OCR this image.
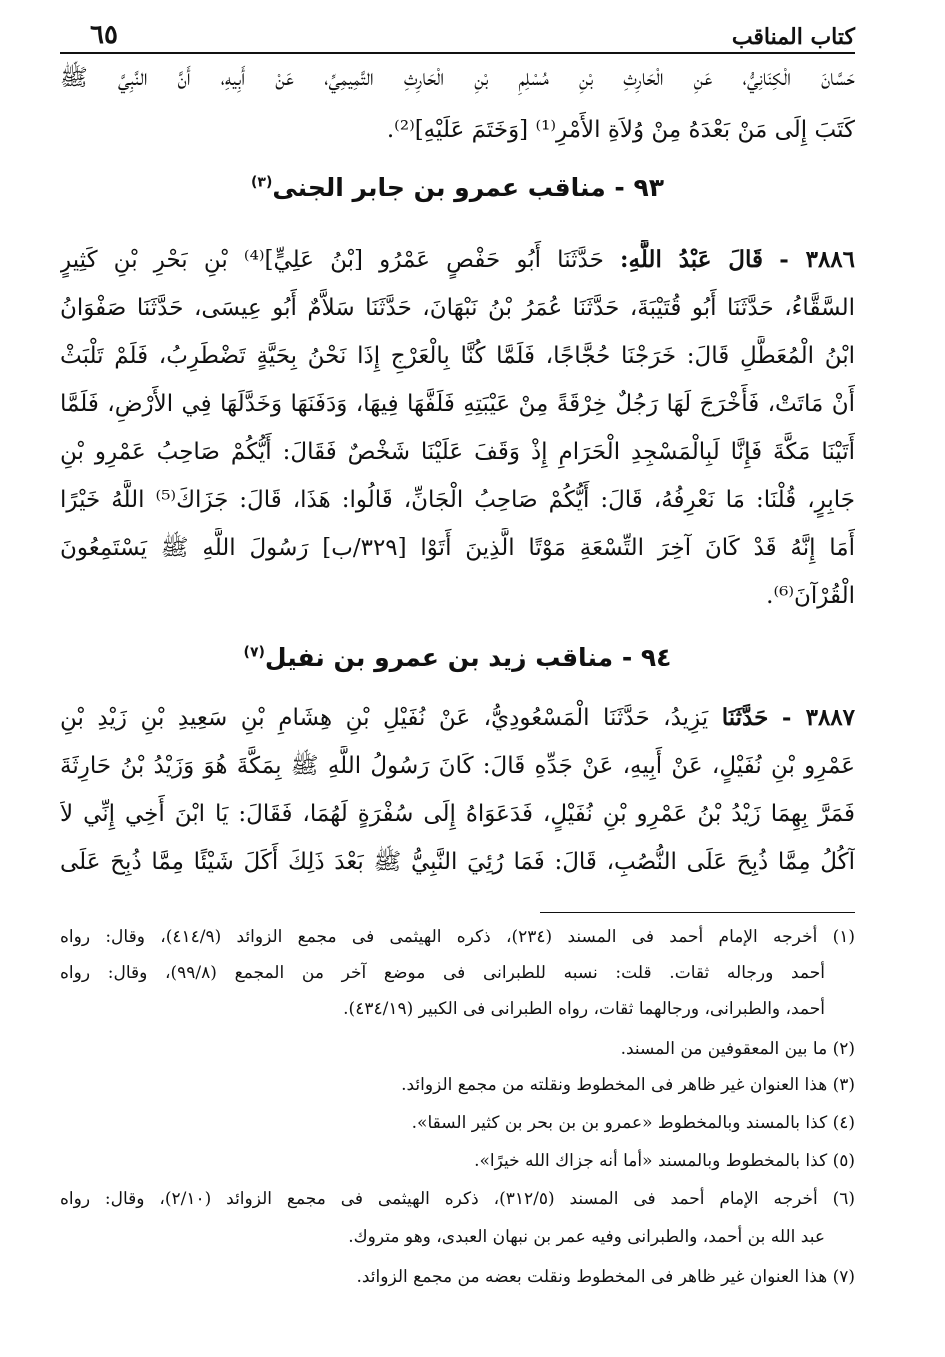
كتاب المناقب
٦٥

حَسَّانَ الْكِنَانِيُّ، عَنِ الْحَارِثِ بْنِ مُسْلِمِ بْنِ الْحَارِثِ التَّمِيمِيِّ، عَنْ أَبِيهِ، أَنَّ النَّبِيَّ ﷺ

كَتَبَ إِلَى مَنْ بَعْدَهُ مِنْ وُلاَةِ الأَمْرِ⁽¹⁾ [وَخَتَمَ عَلَيْهِ]⁽²⁾.

٩٣ - مناقب عمرو بن جابر الجنى$^{(٣)}$

٣٨٨٦ - قَالَ عَبْدُ اللَّهِ: حَدَّثَنَا أَبُو حَفْصٍ عَمْرُو [بْنُ عَلِيٍّ]⁽⁴⁾ بْنِ بَحْرِ بْنِ كَثِيرٍ

السَّقَّاءُ، حَدَّثَنَا أَبُو قُتَيْبَةَ، حَدَّثَنَا عُمَرُ بْنُ نَبْهَانَ، حَدَّثَنَا سَلاَّمٌ أَبُو عِيسَى، حَدَّثَنَا صَفْوَانُ

ابْنُ الْمُعَطَّلِ قَالَ: خَرَجْنَا حُجَّاجًا، فَلَمَّا كُنَّا بِالْعَرْجِ إِذَا نَحْنُ بِحَيَّةٍ تَضْطَرِبُ، فَلَمْ تَلْبَثْ

أَنْ مَاتَتْ، فَأَخْرَجَ لَهَا رَجُلٌ خِرْقَةً مِنْ عَيْبَتِهِ فَلَفَّهَا فِيهَا، وَدَفَنَهَا وَخَدَّلَهَا فِي الأَرْضِ، فَلَمَّا

أَتَيْنَا مَكَّةَ فَإِنَّا لَبِالْمَسْجِدِ الْحَرَامِ إِذْ وَقَفَ عَلَيْنَا شَخْصٌ فَقَالَ: أَيُّكُمْ صَاحِبُ عَمْرِو بْنِ

جَابِرٍ، قُلْنَا: مَا نَعْرِفُهُ، قَالَ: أَيُّكُمْ صَاحِبُ الْجَانِّ، قَالُوا: هَذَا، قَالَ: جَزَاكَ⁽⁵⁾ اللَّهُ خَيْرًا

أَمَا إِنَّهُ قَدْ كَانَ آخِرَ التِّسْعَةِ مَوْتًا الَّذِينَ أَتَوْا [٣٢٩/ب] رَسُولَ اللَّهِ ﷺ يَسْتَمِعُونَ

الْقُرْآنَ⁽⁶⁾.

٩٤ - مناقب زيد بن عمرو بن نفيل$^{(٧)}$

٣٨٨٧ - حَدَّثَنَا يَزِيدُ، حَدَّثَنَا الْمَسْعُودِيُّ، عَنْ نُفَيْلِ بْنِ هِشَامِ بْنِ سَعِيدِ بْنِ زَيْدِ بْنِ

عَمْرِو بْنِ نُفَيْلٍ، عَنْ أَبِيهِ، عَنْ جَدِّهِ قَالَ: كَانَ رَسُولُ اللَّهِ ﷺ بِمَكَّةَ هُوَ وَزَيْدُ بْنُ حَارِثَةَ

فَمَرَّ بِهِمَا زَيْدُ بْنُ عَمْرِو بْنِ نُفَيْلٍ، فَدَعَوَاهُ إِلَى سُفْرَةٍ لَهُمَا، فَقَالَ: يَا ابْنَ أَخِي إِنِّي لاَ

آكُلُ مِمَّا ذُبِحَ عَلَى النُّصُبِ، قَالَ: فَمَا رُئِيَ النَّبِيُّ ﷺ بَعْدَ ذَلِكَ أَكَلَ شَيْئًا مِمَّا ذُبِحَ عَلَى

(١) أخرجه الإمام أحمد فى المسند (٢٣٤)، ذكره الهيثمى فى مجمع الزوائد (٤١٤/٩)، وقال: رواه
أحمد ورجاله ثقات. قلت: نسبه للطبرانى فى موضع آخر من المجمع (٩٩/٨)، وقال: رواه
أحمد، والطبرانى، ورجالهما ثقات، رواه الطبرانى فى الكبير (٤٣٤/١٩).
(٢) ما بين المعقوفين من المسند.
(٣) هذا العنوان غير ظاهر فى المخطوط ونقلته من مجمع الزوائد.
(٤) كذا بالمسند وبالمخطوط «عمرو بن بن بحر بن كثير السقا».
(٥) كذا بالمخطوط وبالمسند «أما أنه جزاك الله خيرًا».
(٦) أخرجه الإمام أحمد فى المسند (٣١٢/٥)، ذكره الهيثمى فى مجمع الزوائد (٢/١٠)، وقال: رواه
عبد الله بن أحمد، والطبرانى وفيه عمر بن نبهان العبدى، وهو متروك.
(٧) هذا العنوان غير ظاهر فى المخطوط ونقلت بعضه من مجمع الزوائد.
